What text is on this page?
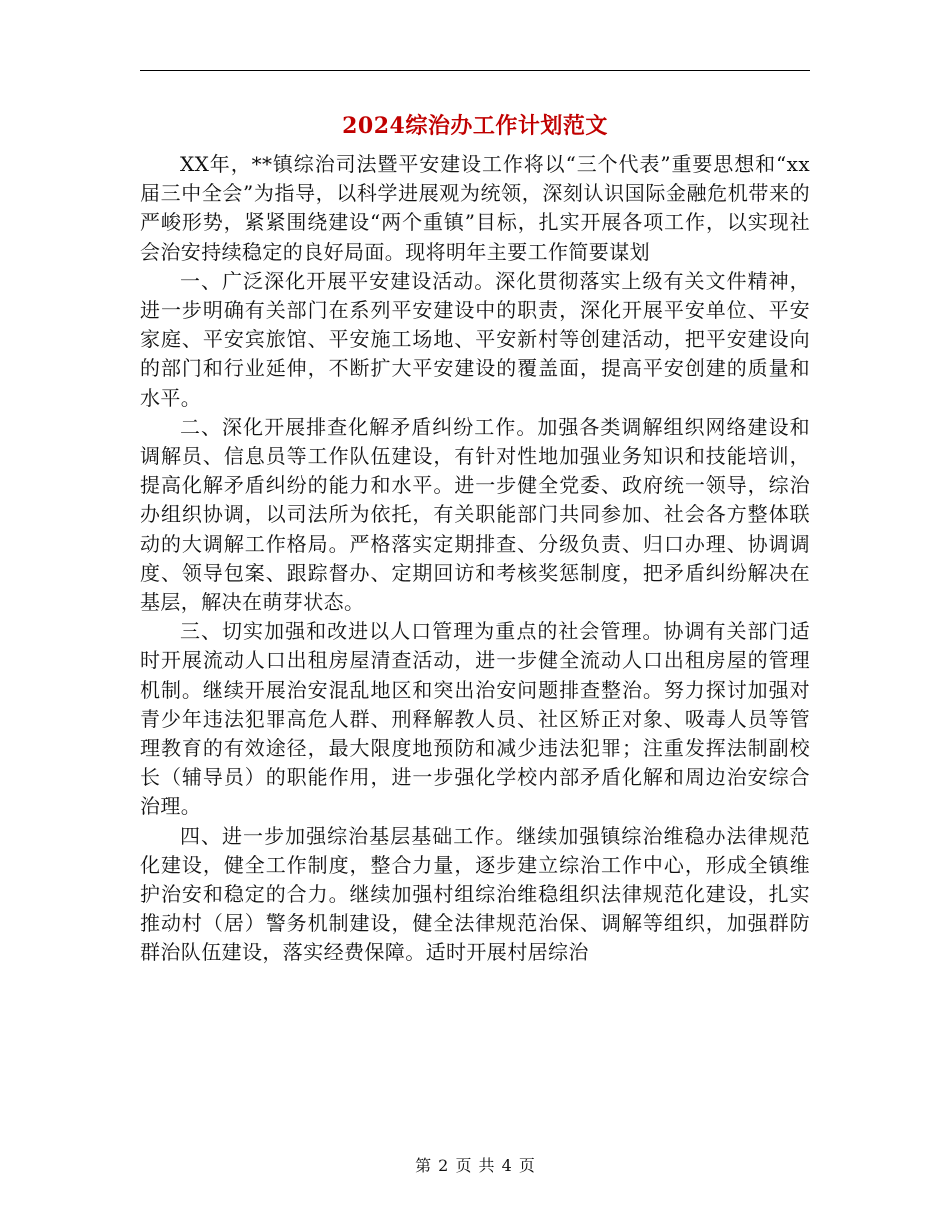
2024综治办工作计划范文

XX年，**镇综治司法暨平安建设工作将以“三个代表”重要思想和“xx届三中全会”为指导，以科学进展观为统领，深刻认识国际金融危机带来的严峻形势，紧紧围绕建设“两个重镇”目标，扎实开展各项工作，以实现社会治安持续稳定的良好局面。现将明年主要工作简要谋划

一、广泛深化开展平安建设活动。深化贯彻落实上级有关文件精神，进一步明确有关部门在系列平安建设中的职责，深化开展平安单位、平安家庭、平安宾旅馆、平安施工场地、平安新村等创建活动，把平安建设向的部门和行业延伸，不断扩大平安建设的覆盖面，提高平安创建的质量和水平。

二、深化开展排查化解矛盾纠纷工作。加强各类调解组织网络建设和调解员、信息员等工作队伍建设，有针对性地加强业务知识和技能培训，提高化解矛盾纠纷的能力和水平。进一步健全党委、政府统一领导，综治办组织协调，以司法所为依托，有关职能部门共同参加、社会各方整体联动的大调解工作格局。严格落实定期排查、分级负责、归口办理、协调调度、领导包案、跟踪督办、定期回访和考核奖惩制度，把矛盾纠纷解决在基层，解决在萌芽状态。

三、切实加强和改进以人口管理为重点的社会管理。协调有关部门适时开展流动人口出租房屋清查活动，进一步健全流动人口出租房屋的管理机制。继续开展治安混乱地区和突出治安问题排查整治。努力探讨加强对青少年违法犯罪高危人群、刑释解教人员、社区矫正对象、吸毒人员等管理教育的有效途径，最大限度地预防和减少违法犯罪；注重发挥法制副校长（辅导员）的职能作用，进一步强化学校内部矛盾化解和周边治安综合治理。

四、进一步加强综治基层基础工作。继续加强镇综治维稳办法律规范化建设，健全工作制度，整合力量，逐步建立综治工作中心，形成全镇维护治安和稳定的合力。继续加强村组综治维稳组织法律规范化建设，扎实推动村（居）警务机制建设，健全法律规范治保、调解等组织，加强群防群治队伍建设，落实经费保障。适时开展村居综治

第 2 页 共 4 页
